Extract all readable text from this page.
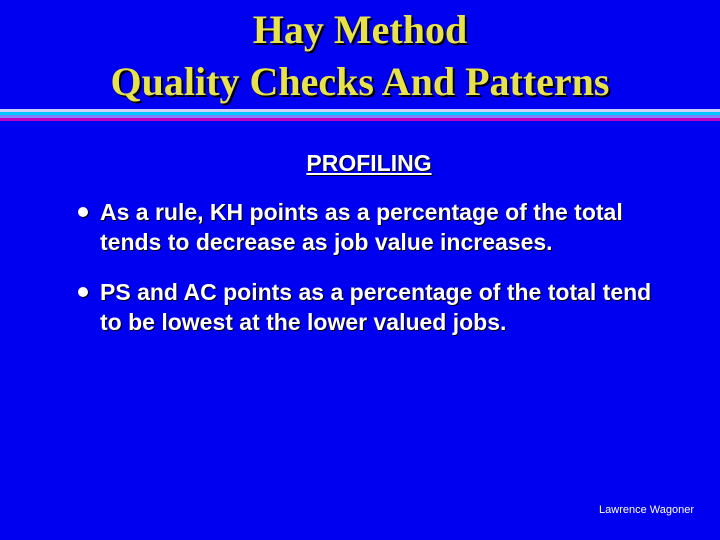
Hay Method
Quality Checks And Patterns
PROFILING
As a rule, KH points as a percentage of the total tends to decrease as job value increases.
PS and AC points as a percentage of the total tend to be lowest at the lower valued jobs.
Lawrence Wagoner
